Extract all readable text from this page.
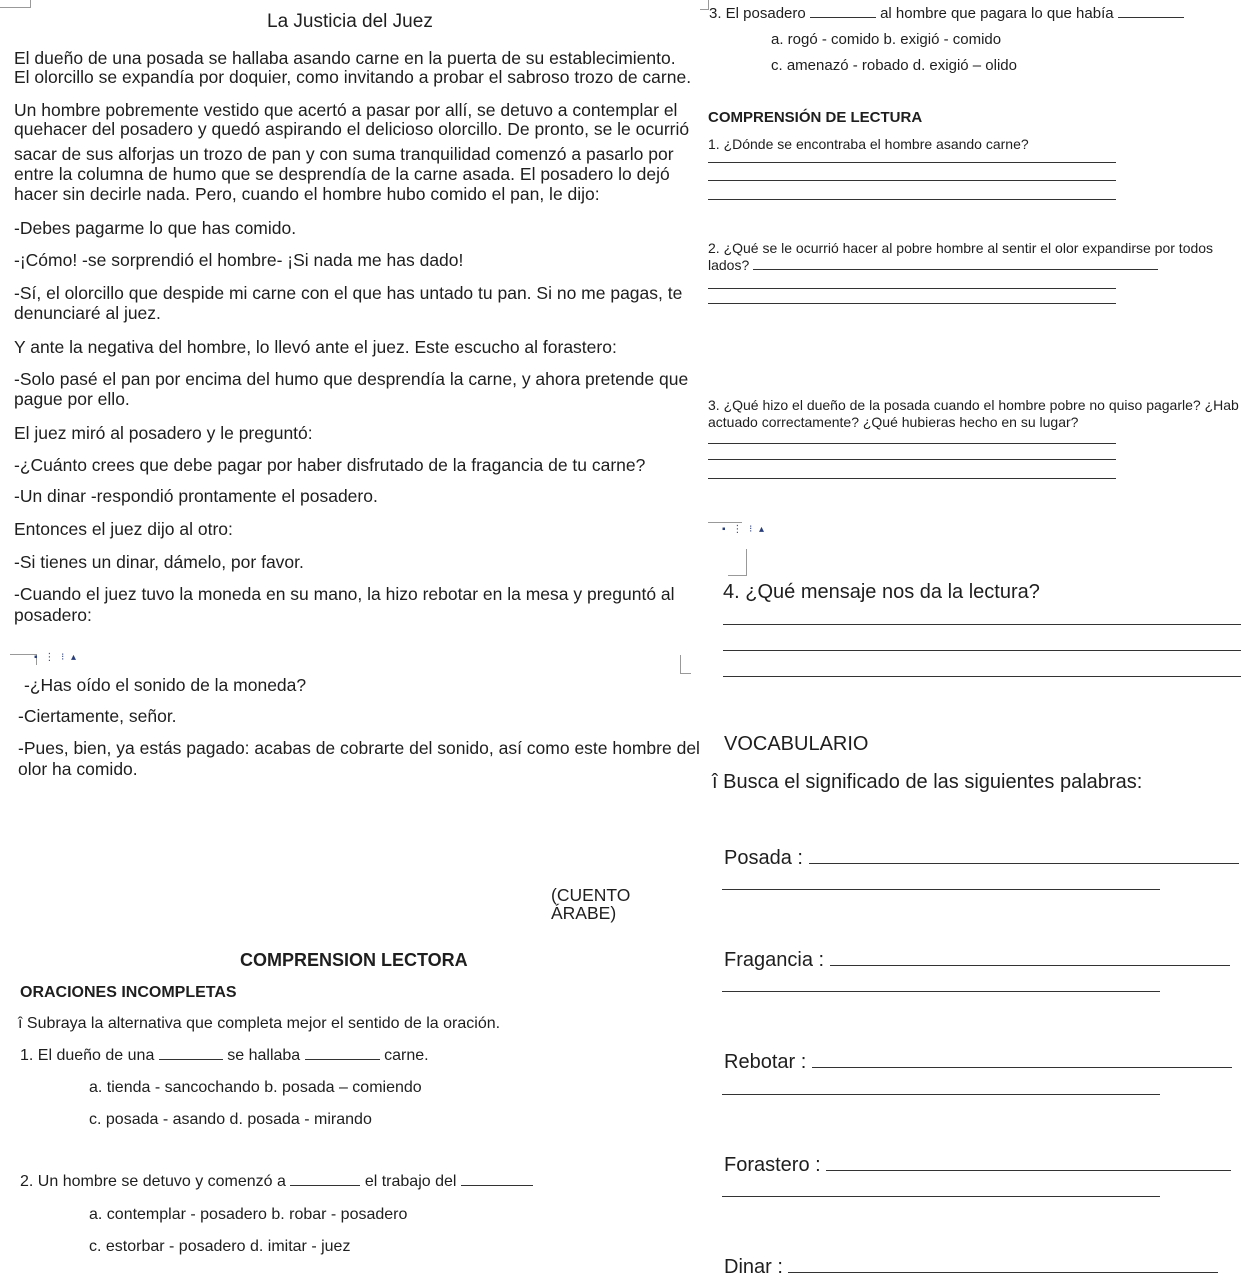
La Justicia del Juez
El dueño de una posada se hallaba asando carne en la puerta de su establecimiento.
El olorcillo se expandía por doquier, como invitando a probar el sabroso trozo de carne.
Un hombre pobremente vestido que acertó a pasar por allí, se detuvo a contemplar el
quehacer del posadero y quedó aspirando el delicioso olorcillo. De pronto, se le ocurrió
sacar de sus alforjas un trozo de pan y con suma tranquilidad comenzó a pasarlo por
entre la columna de humo que se desprendía de la carne asada. El posadero lo dejó
hacer sin decirle nada. Pero, cuando el hombre hubo comido el pan, le dijo:
-Debes pagarme lo que has comido.
-¡Cómo! -se sorprendió el hombre- ¡Si nada me has dado!
-Sí, el olorcillo que despide mi carne con el que has untado tu pan. Si no me pagas, te
denunciaré al juez.
Y ante la negativa del hombre, lo llevó ante el juez. Este escucho al forastero:
-Solo pasé el pan por encima del humo que desprendía la carne, y ahora pretende que
pague por ello.
El juez miró al posadero y le preguntó:
-¿Cuánto crees que debe pagar por haber disfrutado de la fragancia de tu carne?
-Un dinar -respondió prontamente el posadero.
Entonces el juez dijo al otro:
-Si tienes un dinar, dámelo, por favor.
-Cuando el juez tuvo la moneda en su mano, la hizo rebotar en la mesa y preguntó al
posadero:
▪ ⋮ ⁝ ▴
-¿Has oído el sonido de la moneda?
-Ciertamente, señor.
-Pues, bien, ya estás pagado: acabas de cobrarte del sonido, así como este hombre del
olor ha comido.
(CUENTO ÁRABE)
COMPRENSION LECTORA
ORACIONES INCOMPLETAS
î Subraya la alternativa que completa mejor el sentido de la oración.
1. El dueño de una	se hallaba	carne.
a. tienda - sancochando b. posada – comiendo
c. posada - asando d. posada - mirando
2. Un hombre se detuvo y comenzó a	el trabajo del
a. contemplar - posadero b. robar - posadero
c. estorbar - posadero d. imitar - juez
3. El posadero	al hombre que pagara lo que había
a. rogó - comido b. exigió - comido
c. amenazó - robado d. exigió – olido
COMPRENSIÓN DE LECTURA
1. ¿Dónde se encontraba el hombre asando carne?
2. ¿Qué se le ocurrió hacer al pobre hombre al sentir el olor expandirse por todos
lados?
3. ¿Qué hizo el dueño de la posada cuando el hombre pobre no quiso pagarle? ¿Hab
actuado correctamente? ¿Qué hubieras hecho en su lugar?
▪ ⋮ ⁝ ▴
4. ¿Qué mensaje nos da la lectura?
VOCABULARIO
î Busca el significado de las siguientes palabras:
Posada :
Fragancia :
Rebotar :
Forastero :
Dinar :
